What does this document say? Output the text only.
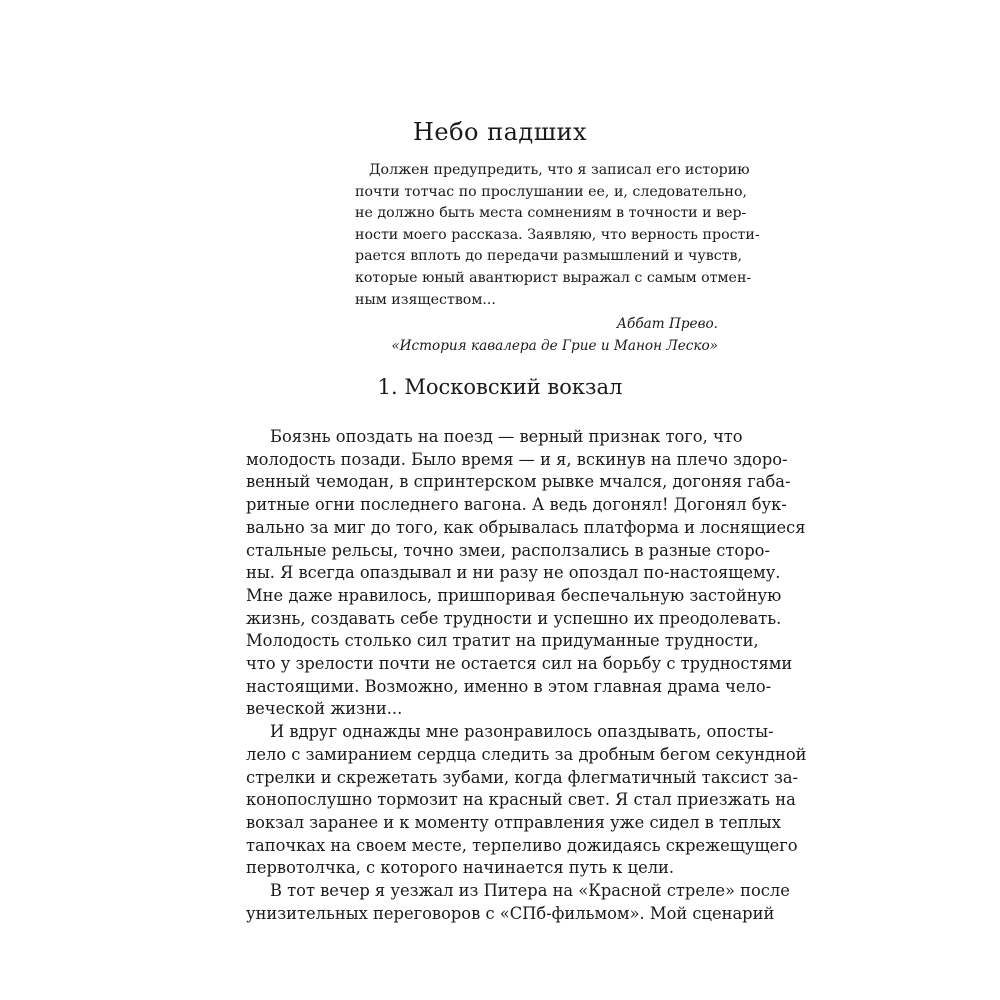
Небо падших
Должен предупредить, что я записал его историю
почти тотчас по прослушании ее, и, следовательно,
не должно быть места сомнениям в точности и вер-
ности моего рассказа. Заявляю, что верность прости-
рается вплоть до передачи размышлений и чувств,
которые юный авантюрист выражал с самым отмен-
ным изяществом...
Аббат Прево.
«История кавалера де Грие и Манон Леско»
1. Московский вокзал
Боязнь опоздать на поезд — верный признак того, что
молодость позади. Было время — и я, вскинув на плечо здоро-
венный чемодан, в спринтерском рывке мчался, догоняя габа-
ритные огни последнего вагона. А ведь догонял! Догонял бук-
вально за миг до того, как обрывалась платформа и лоснящиеся
стальные рельсы, точно змеи, расползались в разные сторо-
ны. Я всегда опаздывал и ни разу не опоздал по-настоящему.
Мне даже нравилось, пришпоривая беспечальную застойную
жизнь, создавать себе трудности и успешно их преодолевать.
Молодость столько сил тратит на придуманные трудности,
что у зрелости почти не остается сил на борьбу с трудностями
настоящими. Возможно, именно в этом главная драма чело-
веческой жизни...
И вдруг однажды мне разонравилось опаздывать, опосты-
лело с замиранием сердца следить за дробным бегом секундной
стрелки и скрежетать зубами, когда флегматичный таксист за-
конопослушно тормозит на красный свет. Я стал приезжать на
вокзал заранее и к моменту отправления уже сидел в теплых
тапочках на своем месте, терпеливо дожидаясь скрежещущего
первотолчка, с которого начинается путь к цели.
В тот вечер я уезжал из Питера на «Красной стреле» после
унизительных переговоров с «СПб-фильмом». Мой сценарий
